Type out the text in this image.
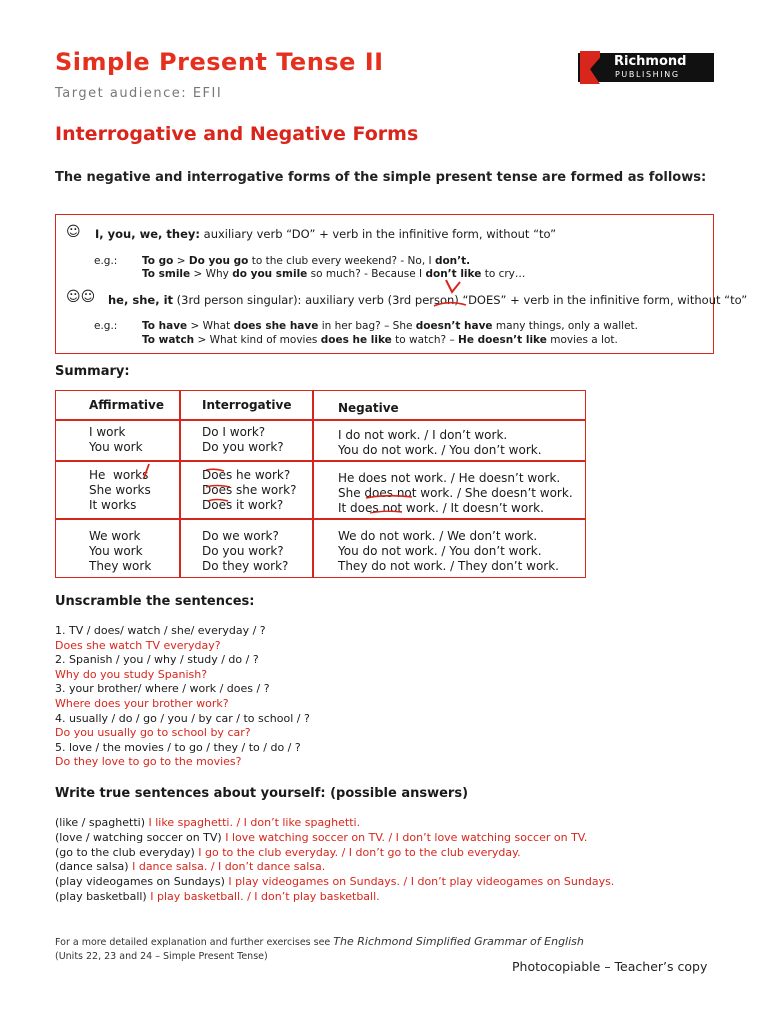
Simple Present Tense II
Target audience: EFII
Richmond
PUBLISHING
Interrogative and Negative Forms
The negative and interrogative forms of the simple present tense are formed as follows:
☺ I, you, we, they: auxiliary verb “DO” + verb in the infinitive form, without “to”
e.g.: To go > Do you go to the club every weekend? - No, I don’t.
To smile > Why do you smile so much? - Because I don’t like to cry…
☺☺ he, she, it (3rd person singular): auxiliary verb (3rd person) “DOES” + verb in the infinitive form, without “to”
e.g.: To have > What does she have in her bag? – She doesn’t have many things, only a wallet.
To watch > What kind of movies does he like to watch? – He doesn’t like movies a lot.
Summary:
Affirmative	Interrogative	Negative
I work
You work
Do I work?
Do you work?
I do not work. / I don’t work.
You do not work. / You don’t work.
He  works
She works
It works
Does he work?
Does she work?
Does it work?
He does not work. / He doesn’t work.
She does not work. / She doesn’t work.
It does not work. / It doesn’t work.
We work
You work
They work
Do we work?
Do you work?
Do they work?
We do not work. / We don’t work.
You do not work. / You don’t work.
They do not work. / They don’t work.
Unscramble the sentences:
1. TV / does/ watch / she/ everyday / ?
Does she watch TV everyday?
2. Spanish / you / why / study / do / ?
Why do you study Spanish?
3. your brother/ where / work / does / ?
Where does your brother work?
4. usually / do / go / you / by car / to school / ?
Do you usually go to school by car?
5. love / the movies / to go / they / to / do / ?
Do they love to go to the movies?
Write true sentences about yourself: (possible answers)
(like / spaghetti) I like spaghetti. / I don’t like spaghetti.
(love / watching soccer on TV) I love watching soccer on TV. / I don’t love watching soccer on TV.
(go to the club everyday) I go to the club everyday. / I don’t go to the club everyday.
(dance salsa) I dance salsa. / I don’t dance salsa.
(play videogames on Sundays) I play videogames on Sundays. / I don’t play videogames on Sundays.
(play basketball) I play basketball. / I don’t play basketball.
For a more detailed explanation and further exercises see The Richmond Simplified Grammar of English
(Units 22, 23 and 24 – Simple Present Tense)
Photocopiable – Teacher’s copy
